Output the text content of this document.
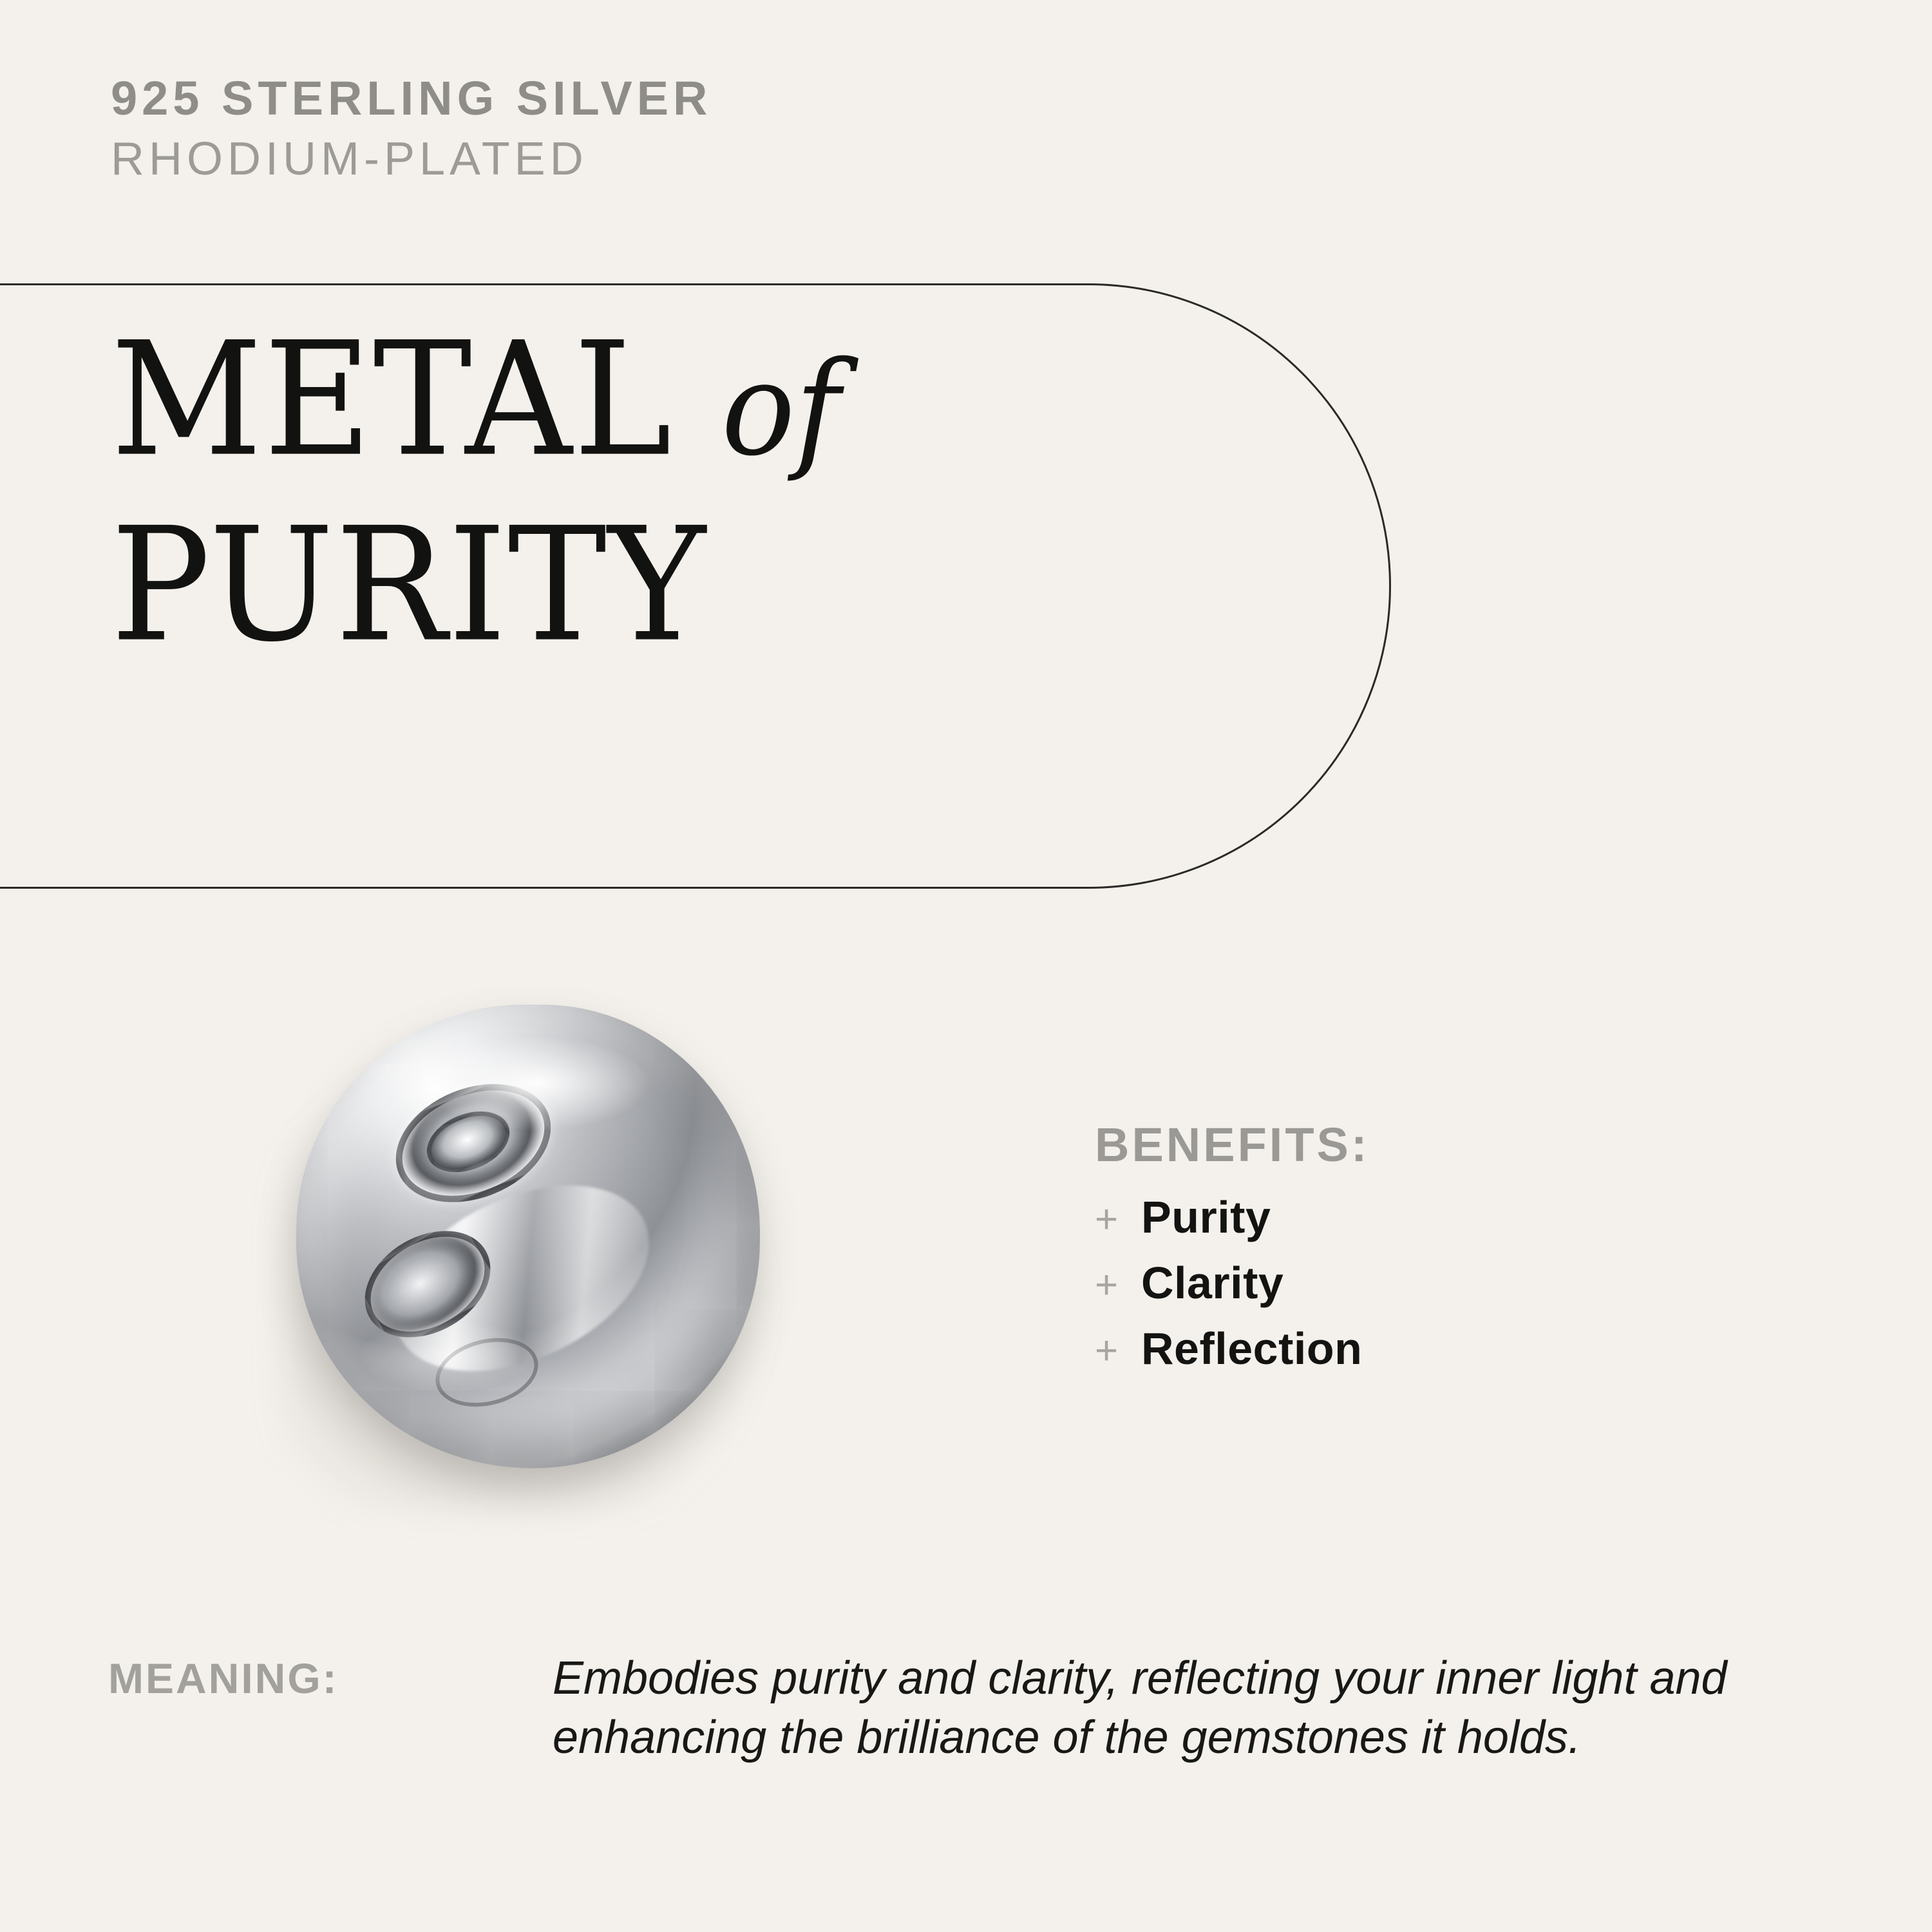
925 STERLING SILVER
RHODIUM-PLATED
METAL of
PURITY
BENEFITS:
+ Purity
+ Clarity
+ Reflection
MEANING:	Embodies purity and clarity, reflecting your inner light and enhancing the brilliance of the gemstones it holds.
